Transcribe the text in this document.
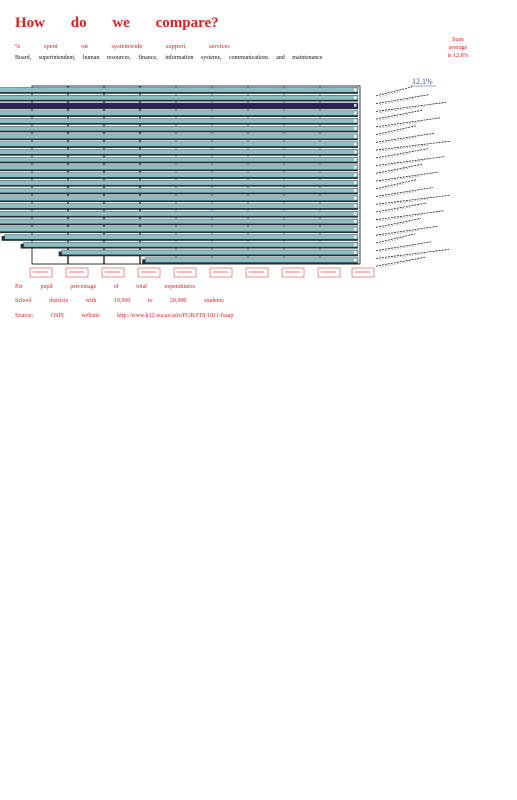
How do we compare?
% spent on systemwide support services
Board, superintendent, human resources, finance, information systems, communications and maintenance
State
average
is 12.8%
12.1%
Per pupil percentage of total expenditures
School districts with 10,000 to 20,000 students
Source: OSPI website http://www.k12.wa.us/safs/PUB/FIN/1011/fsaap
